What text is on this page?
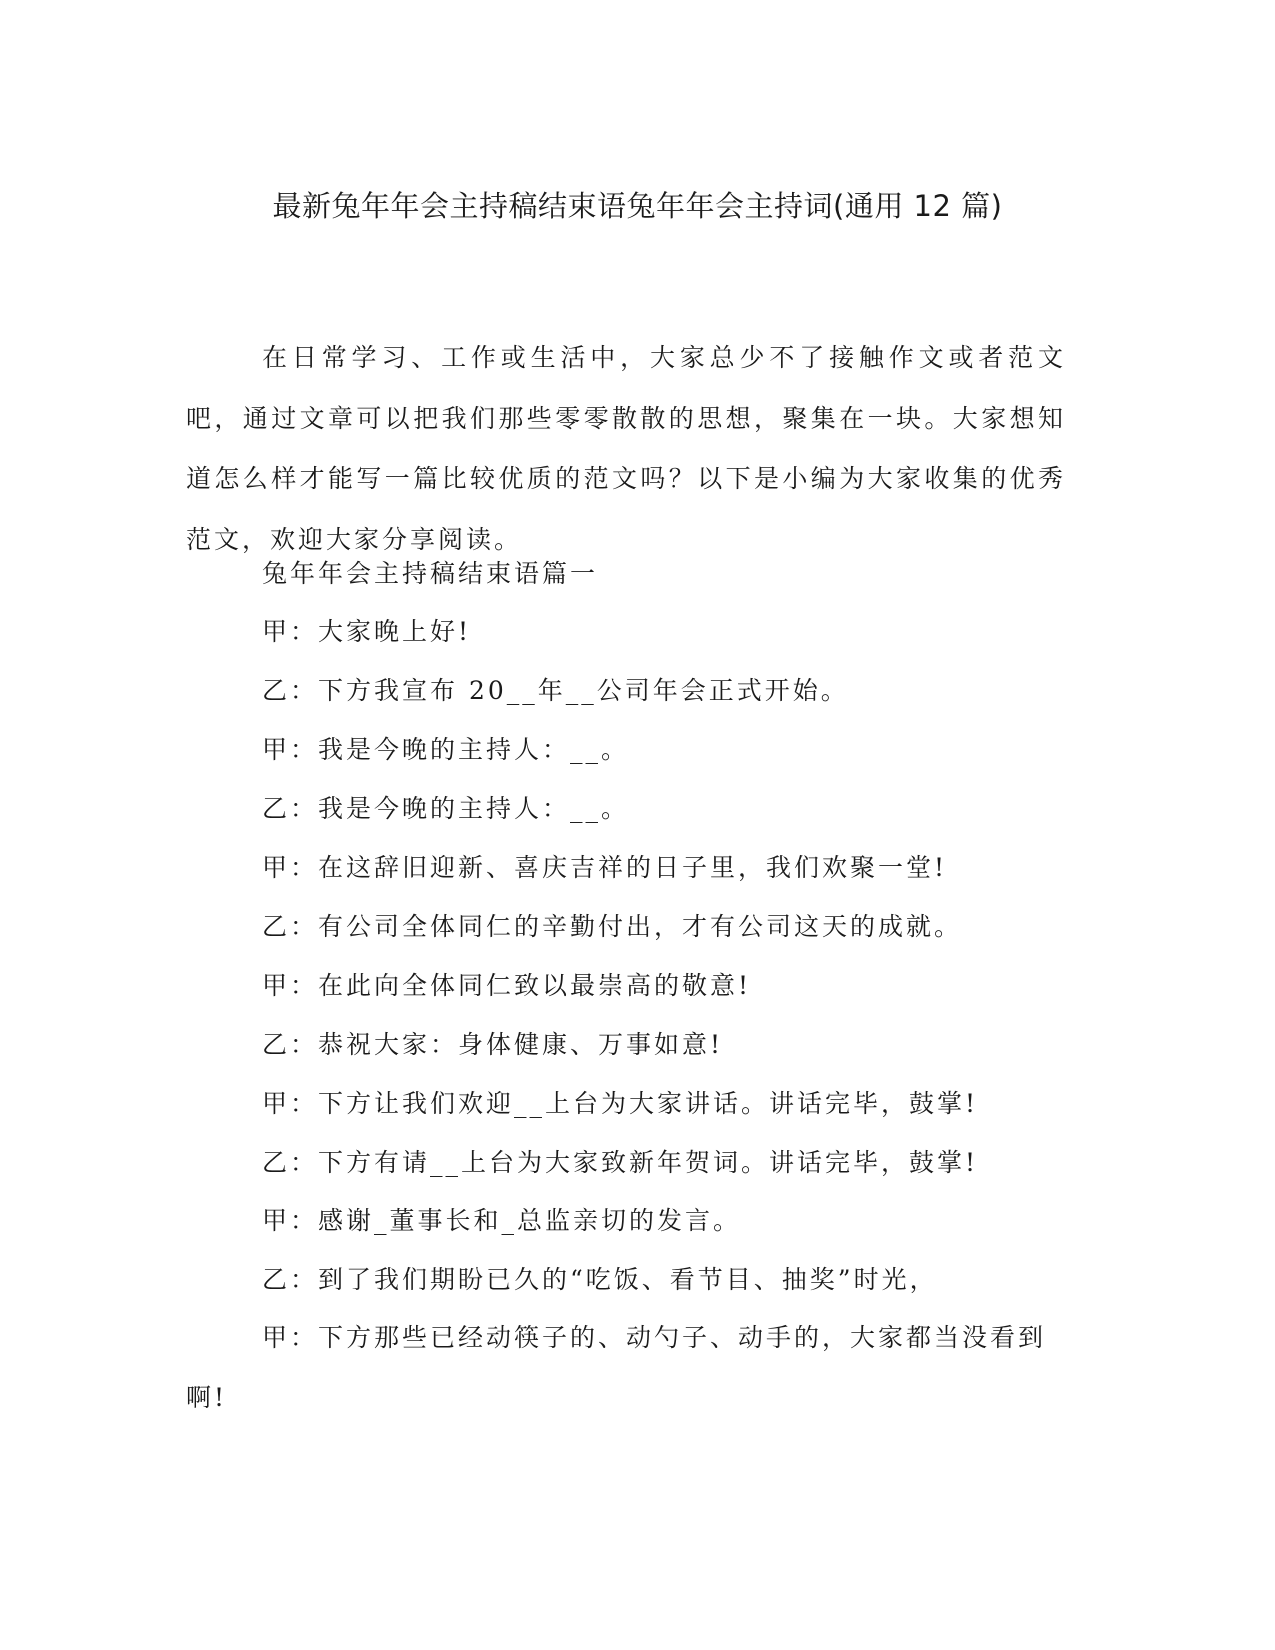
最新兔年年会主持稿结束语兔年年会主持词(通用 12 篇)

在日常学习、工作或生活中，大家总少不了接触作文或者范文吧，通过文章可以把我们那些零零散散的思想，聚集在一块。大家想知道怎么样才能写一篇比较优质的范文吗？以下是小编为大家收集的优秀范文，欢迎大家分享阅读。

兔年年会主持稿结束语篇一

甲：大家晚上好!

乙：下方我宣布 20__年__公司年会正式开始。

甲：我是今晚的主持人：__。

乙：我是今晚的主持人：__。

甲：在这辞旧迎新、喜庆吉祥的日子里，我们欢聚一堂!

乙：有公司全体同仁的辛勤付出，才有公司这天的成就。

甲：在此向全体同仁致以最崇高的敬意!

乙：恭祝大家：身体健康、万事如意!

甲：下方让我们欢迎__上台为大家讲话。讲话完毕，鼓掌!

乙：下方有请__上台为大家致新年贺词。讲话完毕，鼓掌!

甲：感谢_董事长和_总监亲切的发言。

乙：到了我们期盼已久的“吃饭、看节目、抽奖”时光，

甲：下方那些已经动筷子的、动勺子、动手的，大家都当没看到啊!
